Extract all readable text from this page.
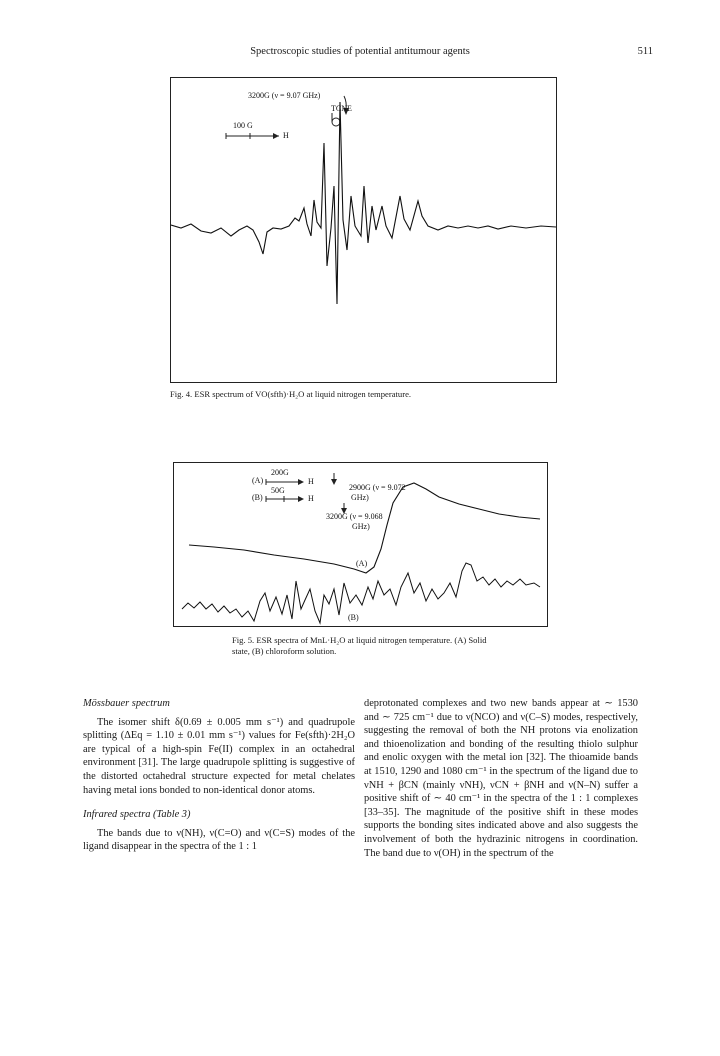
Spectroscopic studies of potential antitumour agents	511
3200G (ν = 9.07 GHz)
TCNE
100 G
H
Fig. 4. ESR spectrum of VO(sfth)·H₂O at liquid nitrogen temperature.
(A)
(B)
200G
50G
H
H
2900G (ν = 9.072
GHz)
3200G (ν = 9.068
GHz)
(A)
(B)
Fig. 5. ESR spectra of MnL·H₂O at liquid nitrogen temperature. (A) Solid state, (B) chloroform solution.

Mössbauer spectrum

The isomer shift δ(0.69 ± 0.005 mm s⁻¹) and quadrupole splitting (ΔEq = 1.10 ± 0.01 mm s⁻¹) values for Fe(sfth)·2H₂O are typical of a high-spin Fe(II) complex in an octahedral environment [31]. The large quadrupole splitting is suggestive of the distorted octahedral structure expected for metal chelates having metal ions bonded to non-identical donor atoms.

Infrared spectra (Table 3)

The bands due to ν(NH), ν(C=O) and ν(C=S) modes of the ligand disappear in the spectra of the 1 : 1

deprotonated complexes and two new bands appear at ∼ 1530 and ∼ 725 cm⁻¹ due to ν(NCO) and ν(C–S) modes, respectively, suggesting the removal of both the NH protons via enolization and thioenolization and bonding of the resulting thiolo sulphur and enolic oxygen with the metal ion [32]. The thioamide bands at 1510, 1290 and 1080 cm⁻¹ in the spectrum of the ligand due to νNH + βCN (mainly νNH), νCN + βNH and ν(N–N) suffer a positive shift of ∼ 40 cm⁻¹ in the spectra of the 1 : 1 complexes [33–35]. The magnitude of the positive shift in these modes supports the bonding sites indicated above and also suggests the involvement of both the hydrazinic nitrogens in coordination. The band due to ν(OH) in the spectrum of the
